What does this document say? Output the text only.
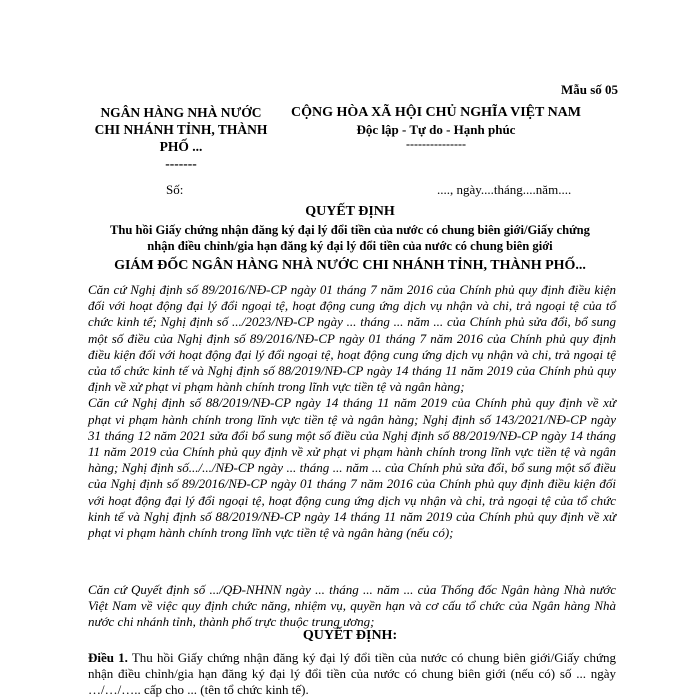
Mẫu số 05
NGÂN HÀNG NHÀ NƯỚC
CHI NHÁNH TỈNH, THÀNH
PHỐ ...
-------
CỘNG HÒA XÃ HỘI CHỦ NGHĨA VIỆT NAM
Độc lập - Tự do - Hạnh phúc
---------------
Số:	...., ngày....tháng....năm....
QUYẾT ĐỊNH
Thu hồi Giấy chứng nhận đăng ký đại lý đổi tiền của nước có chung biên giới/Giấy chứng nhận điều chỉnh/gia hạn đăng ký đại lý đổi tiền của nước có chung biên giới
GIÁM ĐỐC NGÂN HÀNG NHÀ NƯỚC CHI NHÁNH TỈNH, THÀNH PHỐ...
Căn cứ Nghị định số 89/2016/NĐ-CP ngày 01 tháng 7 năm 2016 của Chính phủ quy định điều kiện đối với hoạt động đại lý đổi ngoại tệ, hoạt động cung ứng dịch vụ nhận và chi, trả ngoại tệ của tổ chức kinh tế; Nghị định số .../2023/NĐ-CP ngày ... tháng ... năm ... của Chính phủ sửa đổi, bổ sung một số điều của Nghị định số 89/2016/NĐ-CP ngày 01 tháng 7 năm 2016 của Chính phủ quy định điều kiện đối với hoạt động đại lý đổi ngoại tệ, hoạt động cung ứng dịch vụ nhận và chi, trả ngoại tệ của tổ chức kinh tế và Nghị định số 88/2019/NĐ-CP ngày 14 tháng 11 năm 2019 của Chính phủ quy định về xử phạt vi phạm hành chính trong lĩnh vực tiền tệ và ngân hàng;
Căn cứ Nghị định số 88/2019/NĐ-CP ngày 14 tháng 11 năm 2019 của Chính phủ quy định về xử phạt vi phạm hành chính trong lĩnh vực tiền tệ và ngân hàng; Nghị định số 143/2021/NĐ-CP ngày 31 tháng 12 năm 2021 sửa đổi bổ sung một số điều của Nghị định số 88/2019/NĐ-CP ngày 14 tháng 11 năm 2019 của Chính phủ quy định về xử phạt vi phạm hành chính trong lĩnh vực tiền tệ và ngân hàng; Nghị định số.../.../NĐ-CP ngày ... tháng ... năm ... của Chính phủ sửa đổi, bổ sung một số điều của Nghị định số 89/2016/NĐ-CP ngày 01 tháng 7 năm 2016 của Chính phủ quy định điều kiện đối với hoạt động đại lý đổi ngoại tệ, hoạt động cung ứng dịch vụ nhận và chi, trả ngoại tệ của tổ chức kinh tế và Nghị định số 88/2019/NĐ-CP ngày 14 tháng 11 năm 2019 của Chính phủ quy định về xử phạt vi phạm hành chính trong lĩnh vực tiền tệ và ngân hàng (nếu có);
Căn cứ Quyết định số .../QĐ-NHNN ngày ... tháng ... năm ... của Thống đốc Ngân hàng Nhà nước Việt Nam về việc quy định chức năng, nhiệm vụ, quyền hạn và cơ cấu tổ chức của Ngân hàng Nhà nước chi nhánh tỉnh, thành phố trực thuộc trung ương;
QUYẾT ĐỊNH:
Điều 1. Thu hồi Giấy chứng nhận đăng ký đại lý đổi tiền của nước có chung biên giới/Giấy chứng nhận điều chỉnh/gia hạn đăng ký đại lý đổi tiền của nước có chung biên giới (nếu có) số ... ngày …/…/….. cấp cho ... (tên tổ chức kinh tế).
